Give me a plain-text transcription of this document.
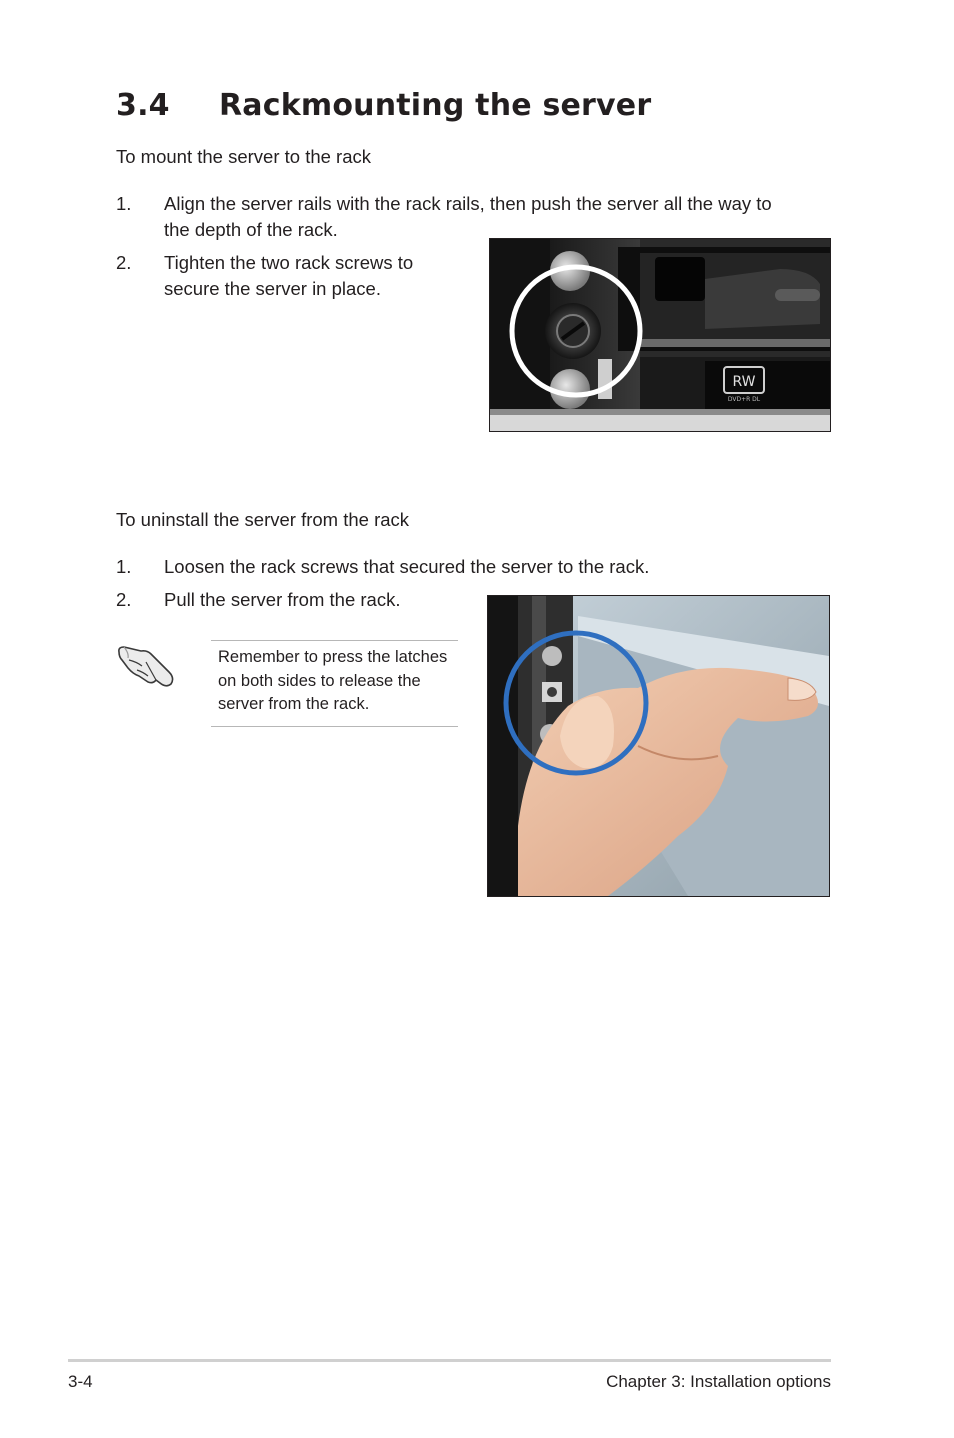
3.4 Rackmounting the server
To mount the server to the rack
1. Align the server rails with the rack rails, then push the server all the way to
the depth of the rack.
2. Tighten the two rack screws to
secure the server in place.
RW
DVD+R DL
To uninstall the server from the rack
1. Loosen the rack screws that secured the server to the rack.
2. Pull the server from the rack.
Remember to press the latches
on both sides to release the
server from the rack.
3-4	Chapter 3: Installation options
